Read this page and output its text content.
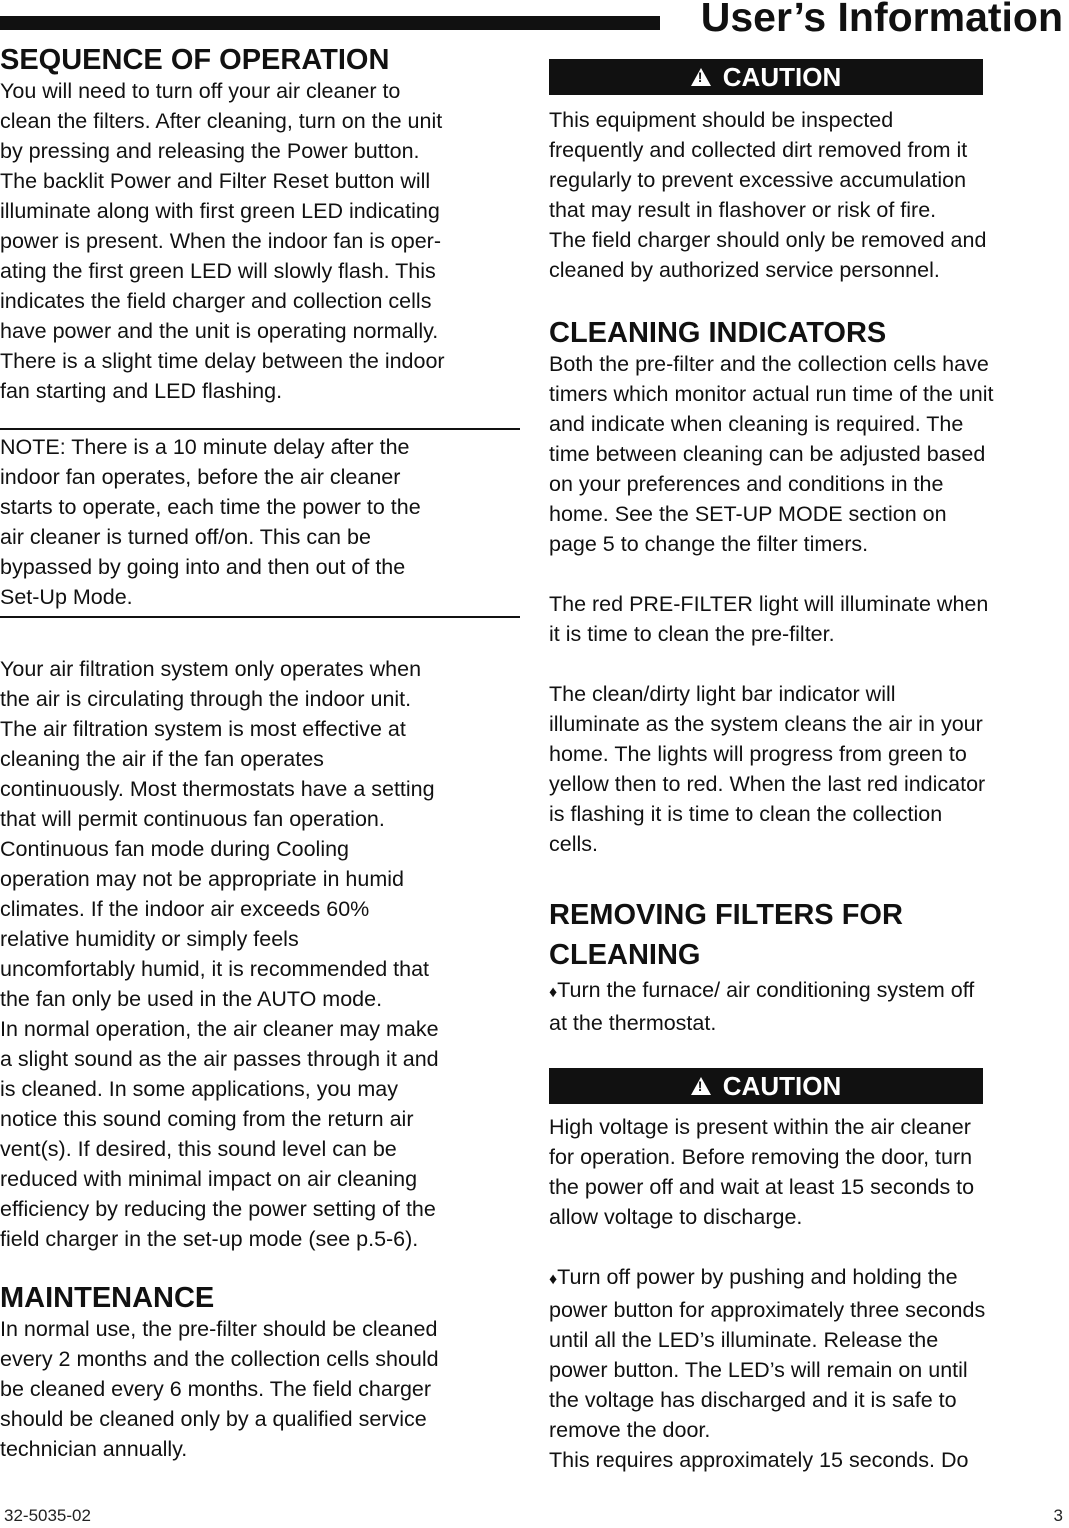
User’s Information
SEQUENCE OF OPERATION

You will need to turn off your air cleaner to
clean the filters. After cleaning, turn on the unit
by pressing and releasing the Power button.
The backlit Power and Filter Reset button will
illuminate along with first green LED indicating
power is present. When the indoor fan is oper-
ating the first green LED will slowly flash. This
indicates the field charger and collection cells
have power and the unit is operating normally.
There is a slight time delay between the indoor
fan starting and LED flashing.

NOTE: There is a 10 minute delay after the
indoor fan operates, before the air cleaner
starts to operate, each time the power to the
air cleaner is turned off/on. This can be
bypassed by going into and then out of the
Set-Up Mode.

Your air filtration system only operates when
the air is circulating through the indoor unit.
The air filtration system is most effective at
cleaning the air if the fan operates
continuously. Most thermostats have a setting
that will permit continuous fan operation.
Continuous fan mode during Cooling
operation may not be appropriate in humid
climates. If the indoor air exceeds 60%
relative humidity or simply feels
uncomfortably humid, it is recommended that
the fan only be used in the AUTO mode.
In normal operation, the air cleaner may make
a slight sound as the air passes through it and
is cleaned. In some applications, you may
notice this sound coming from the return air
vent(s). If desired, this sound level can be
reduced with minimal impact on air cleaning
efficiency by reducing the power setting of the
field charger in the set-up mode (see p.5-6).

MAINTENANCE

In normal use, the pre-filter should be cleaned
every 2 months and the collection cells should
be cleaned every 6 months. The field charger
should be cleaned only by a qualified service
technician annually.

!
CAUTION

This equipment should be inspected
frequently and collected dirt removed from it
regularly to prevent excessive accumulation
that may result in flashover or risk of fire.
The field charger should only be removed and
cleaned by authorized service personnel.

CLEANING INDICATORS

Both the pre-filter and the collection cells have
timers which monitor actual run time of the unit
and indicate when cleaning is required. The
time between cleaning can be adjusted based
on your preferences and conditions in the
home. See the SET-UP MODE section on
page 5 to change the filter timers.

The red PRE-FILTER light will illuminate when
it is time to clean the pre-filter.

The clean/dirty light bar indicator will
illuminate as the system cleans the air in your
home. The lights will progress from green to
yellow then to red. When the last red indicator
is flashing it is time to clean the collection
cells.

REMOVING FILTERS FOR
CLEANING

♦ Turn the furnace/ air conditioning system off
at the thermostat.

!
CAUTION

High voltage is present within the air cleaner
for operation. Before removing the door, turn
the power off and wait at least 15 seconds to
allow voltage to discharge.

♦ Turn off power by pushing and holding the
power button for approximately three seconds
until all the LED’s illuminate. Release the
power button. The LED’s will remain on until
the voltage has discharged and it is safe to
remove the door.
This requires approximately 15 seconds. Do

32-5035-02	3
